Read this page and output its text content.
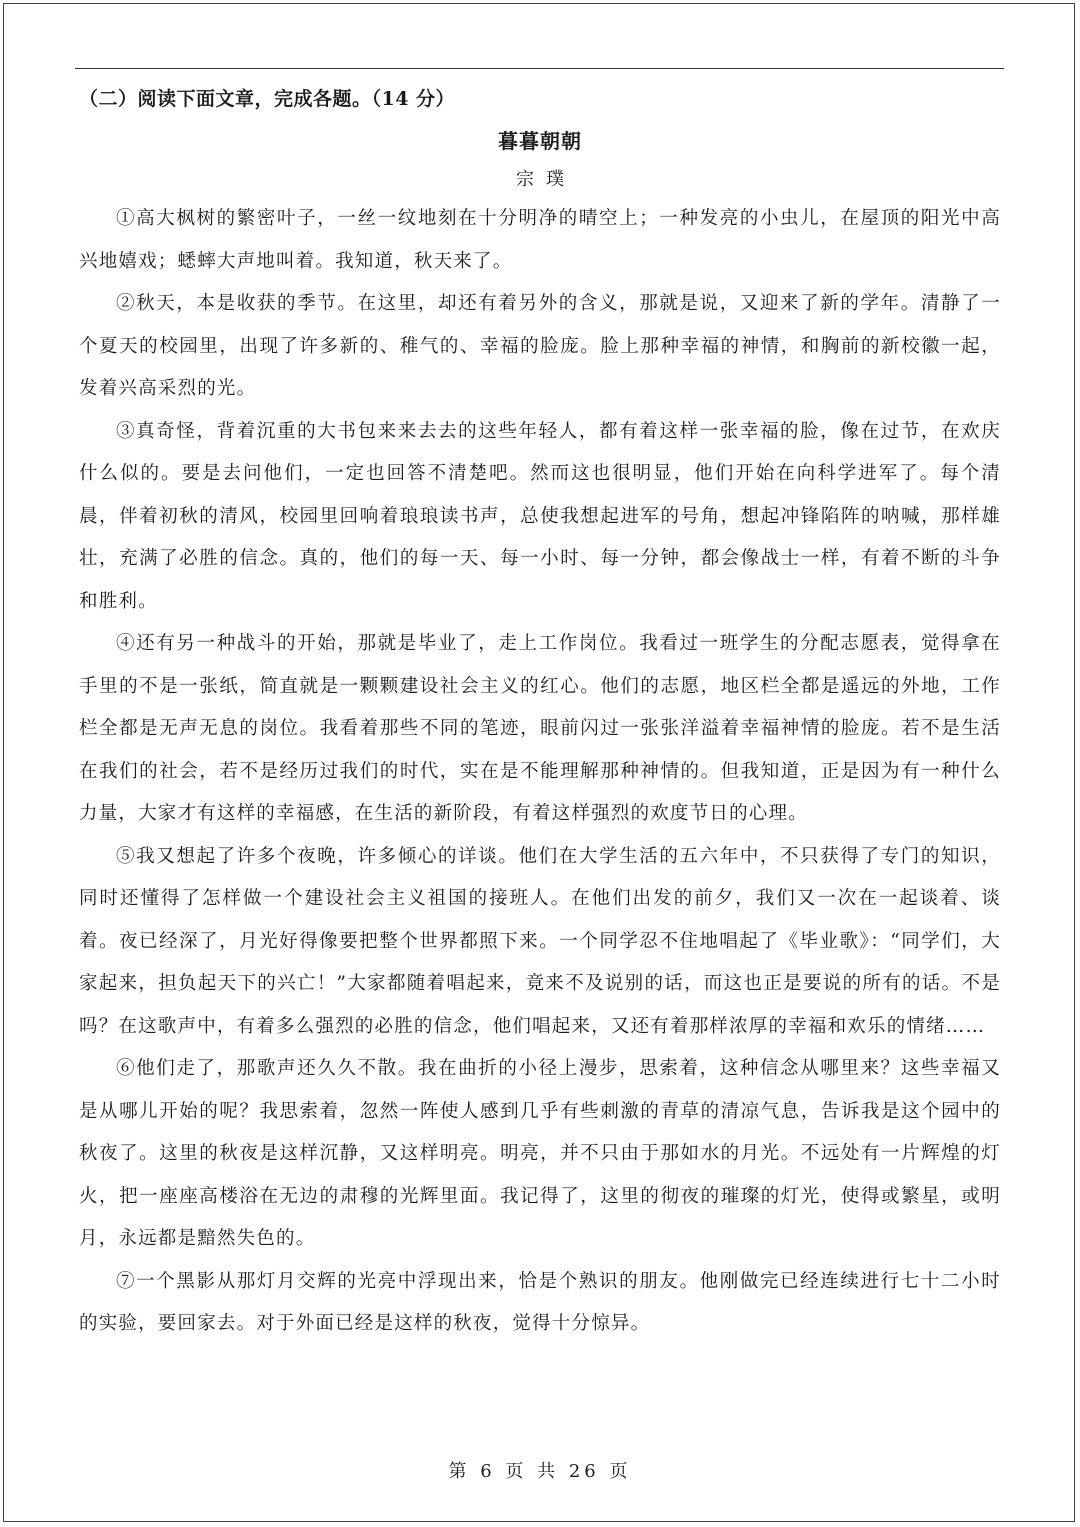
（二）阅读下面文章，完成各题。（14 分）

暮暮朝朝

宗璞

①高大枫树的繁密叶子，一丝一纹地刻在十分明净的晴空上；一种发亮的小虫儿，在屋顶的阳光中高兴地嬉戏；蟋蟀大声地叫着。我知道，秋天来了。

②秋天，本是收获的季节。在这里，却还有着另外的含义，那就是说，又迎来了新的学年。清静了一个夏天的校园里，出现了许多新的、稚气的、幸福的脸庞。脸上那种幸福的神情，和胸前的新校徽一起，发着兴高采烈的光。

③真奇怪，背着沉重的大书包来来去去的这些年轻人，都有着这样一张幸福的脸，像在过节，在欢庆什么似的。要是去问他们，一定也回答不清楚吧。然而这也很明显，他们开始在向科学进军了。每个清晨，伴着初秋的清风，校园里回响着琅琅读书声，总使我想起进军的号角，想起冲锋陷阵的呐喊，那样雄壮，充满了必胜的信念。真的，他们的每一天、每一小时、每一分钟，都会像战士一样，有着不断的斗争和胜利。

④还有另一种战斗的开始，那就是毕业了，走上工作岗位。我看过一班学生的分配志愿表，觉得拿在手里的不是一张纸，简直就是一颗颗建设社会主义的红心。他们的志愿，地区栏全都是遥远的外地，工作栏全都是无声无息的岗位。我看着那些不同的笔迹，眼前闪过一张张洋溢着幸福神情的脸庞。若不是生活在我们的社会，若不是经历过我们的时代，实在是不能理解那种神情的。但我知道，正是因为有一种什么力量，大家才有这样的幸福感，在生活的新阶段，有着这样强烈的欢度节日的心理。

⑤我又想起了许多个夜晚，许多倾心的详谈。他们在大学生活的五六年中，不只获得了专门的知识，同时还懂得了怎样做一个建设社会主义祖国的接班人。在他们出发的前夕，我们又一次在一起谈着、谈着。夜已经深了，月光好得像要把整个世界都照下来。一个同学忍不住地唱起了《毕业歌》：“同学们，大家起来，担负起天下的兴亡！”大家都随着唱起来，竟来不及说别的话，而这也正是要说的所有的话。不是吗？在这歌声中，有着多么强烈的必胜的信念，他们唱起来，又还有着那样浓厚的幸福和欢乐的情绪……

⑥他们走了，那歌声还久久不散。我在曲折的小径上漫步，思索着，这种信念从哪里来？这些幸福又是从哪儿开始的呢？我思索着，忽然一阵使人感到几乎有些刺激的青草的清凉气息，告诉我是这个园中的秋夜了。这里的秋夜是这样沉静，又这样明亮。明亮，并不只由于那如水的月光。不远处有一片辉煌的灯火，把一座座高楼浴在无边的肃穆的光辉里面。我记得了，这里的彻夜的璀璨的灯光，使得或繁星，或明月，永远都是黯然失色的。

⑦一个黑影从那灯月交辉的光亮中浮现出来，恰是个熟识的朋友。他刚做完已经连续进行七十二小时的实验，要回家去。对于外面已经是这样的秋夜，觉得十分惊异。

第 6 页 共 26 页
